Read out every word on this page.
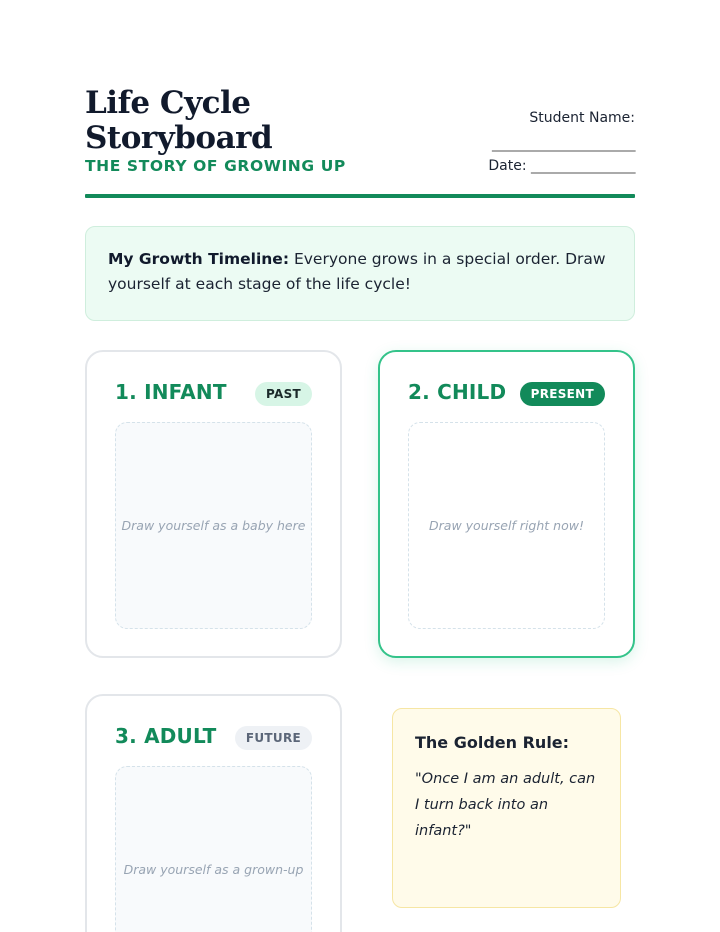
Life Cycle Storyboard
THE STORY OF GROWING UP
Student Name:
______________________
Date: ________________
My Growth Timeline: Everyone grows in a special order. Draw yourself at each stage of the life cycle!
1. INFANT	PAST
Draw yourself as a baby here
2. CHILD	PRESENT
Draw yourself right now!
3. ADULT	FUTURE
Draw yourself as a grown-up
The Golden Rule:
"Once I am an adult, can I turn back into an infant?"
